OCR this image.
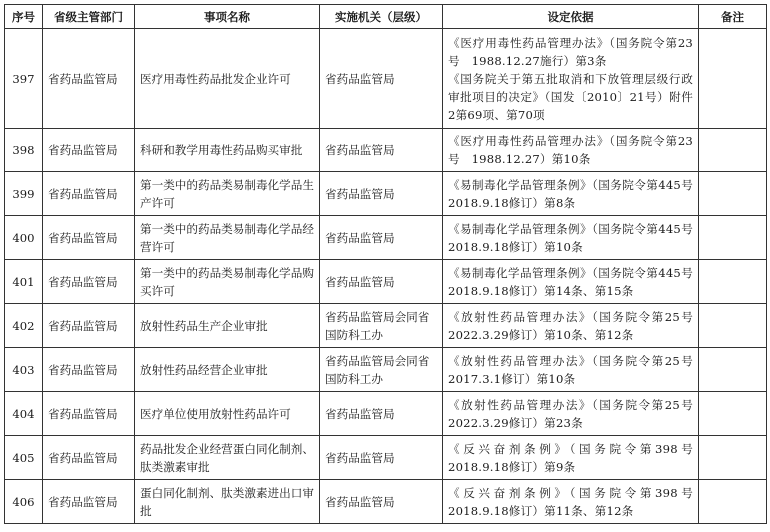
序号	省级主管部门	事项名称	实施机关（层级）	设定依据	备注
397	省药品监管局	医疗用毒性药品批发企业许可	省药品监管局	《医疗用毒性药品管理办法》（国务院令第23号　1988.12.27施行）第3条
《国务院关于第五批取消和下放管理层级行政审批项目的决定》（国发〔2010〕21号）附件2第69项、第70项	
398	省药品监管局	科研和教学用毒性药品购买审批	省药品监管局	《医疗用毒性药品管理办法》（国务院令第23号　1988.12.27）第10条	
399	省药品监管局	第一类中的药品类易制毒化学品生产许可	省药品监管局	《易制毒化学品管理条例》（国务院令第445号　2018.9.18修订）第8条	
400	省药品监管局	第一类中的药品类易制毒化学品经营许可	省药品监管局	《易制毒化学品管理条例》（国务院令第445号　2018.9.18修订）第10条	
401	省药品监管局	第一类中的药品类易制毒化学品购买许可	省药品监管局	《易制毒化学品管理条例》（国务院令第445号　2018.9.18修订）第14条、第15条	
402	省药品监管局	放射性药品生产企业审批	省药品监管局会同省国防科工办	《放射性药品管理办法》（国务院令第25号　2022.3.29修订）第10条、第12条	
403	省药品监管局	放射性药品经营企业审批	省药品监管局会同省国防科工办	《放射性药品管理办法》（国务院令第25号　2017.3.1修订）第10条	
404	省药品监管局	医疗单位使用放射性药品许可	省药品监管局	《放射性药品管理办法》（国务院令第25号　2022.3.29修订）第23条	
405	省药品监管局	药品批发企业经营蛋白同化制剂、肽类激素审批	省药品监管局	《反兴奋剂条例》（国务院令第398号　2018.9.18修订）第9条	
406	省药品监管局	蛋白同化制剂、肽类激素进出口审批	省药品监管局	《反兴奋剂条例》（国务院令第398号　2018.9.18修订）第11条、第12条	
